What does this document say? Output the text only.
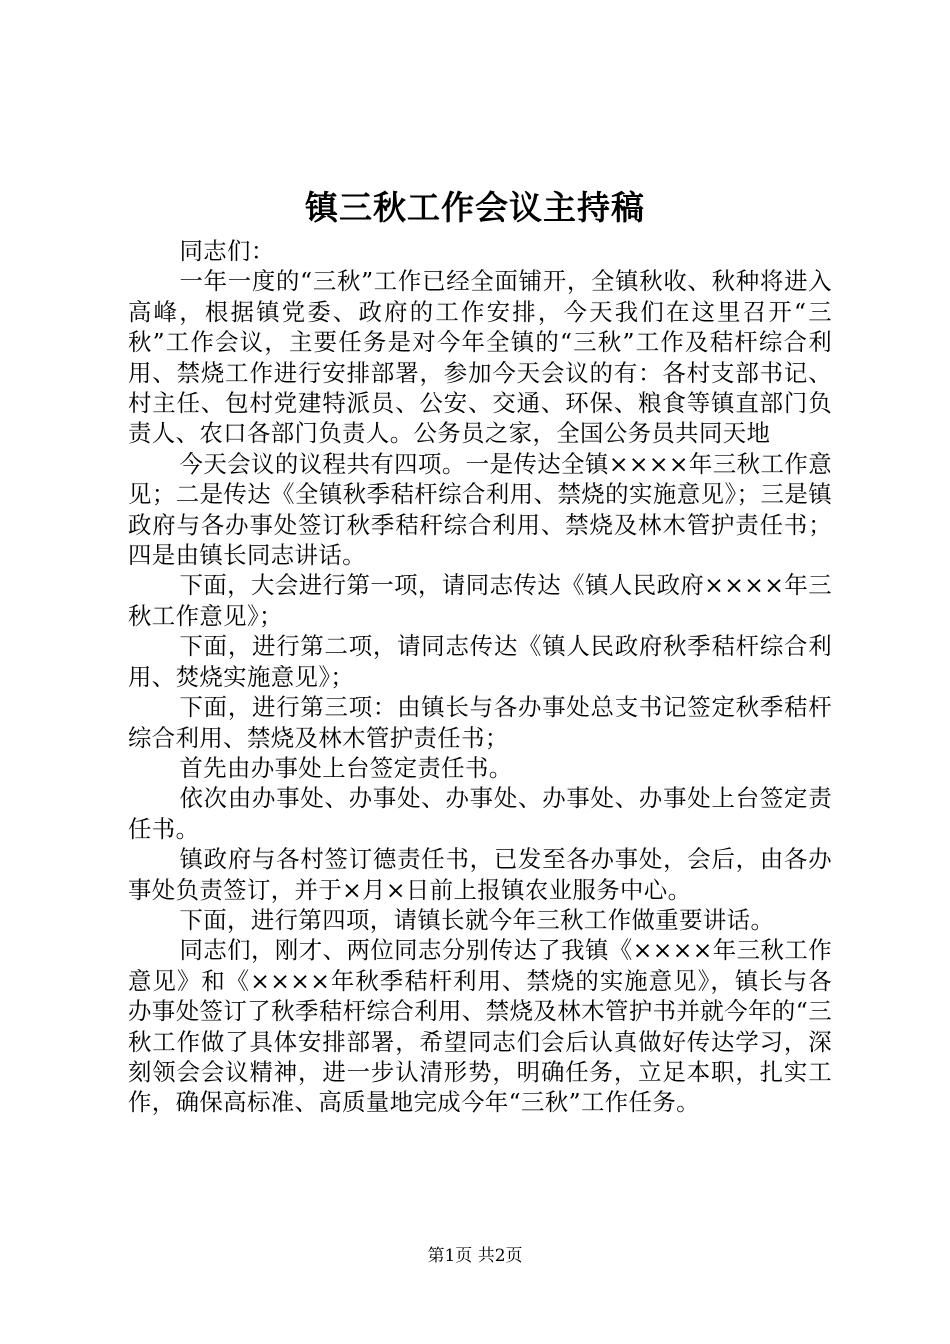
镇三秋工作会议主持稿

同志们：

一年一度的“三秋”工作已经全面铺开，全镇秋收、秋种将进入高峰，根据镇党委、政府的工作安排，今天我们在这里召开“三秋”工作会议，主要任务是对今年全镇的“三秋”工作及秸杆综合利用、禁烧工作进行安排部署，参加今天会议的有：各村支部书记、村主任、包村党建特派员、公安、交通、环保、粮食等镇直部门负责人、农口各部门负责人。公务员之家，全国公务员共同天地

今天会议的议程共有四项。一是传达全镇××××年三秋工作意见；二是传达《全镇秋季秸杆综合利用、禁烧的实施意见》；三是镇政府与各办事处签订秋季秸秆综合利用、禁烧及林木管护责任书；四是由镇长同志讲话。

下面，大会进行第一项，请同志传达《镇人民政府××××年三秋工作意见》；

下面，进行第二项，请同志传达《镇人民政府秋季秸杆综合利用、焚烧实施意见》；

下面，进行第三项：由镇长与各办事处总支书记签定秋季秸杆综合利用、禁烧及林木管护责任书；

首先由办事处上台签定责任书。

依次由办事处、办事处、办事处、办事处、办事处上台签定责任书。

镇政府与各村签订德责任书，已发至各办事处，会后，由各办事处负责签订，并于×月×日前上报镇农业服务中心。

下面，进行第四项，请镇长就今年三秋工作做重要讲话。

同志们，刚才、两位同志分别传达了我镇《××××年三秋工作意见》和《××××年秋季秸杆利用、禁烧的实施意见》，镇长与各办事处签订了秋季秸杆综合利用、禁烧及林木管护书并就今年的“三秋工作做了具体安排部署，希望同志们会后认真做好传达学习，深刻领会会议精神，进一步认清形势，明确任务，立足本职，扎实工作，确保高标准、高质量地完成今年“三秋”工作任务。

第1页 共2页
